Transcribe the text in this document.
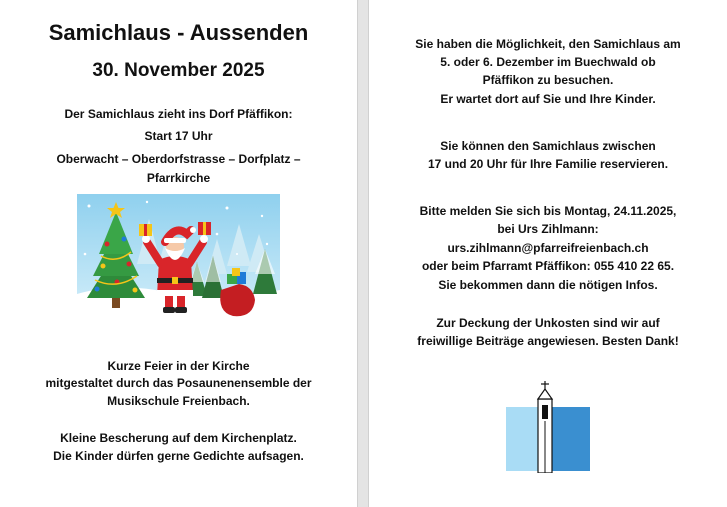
Samichlaus - Aussenden
30. November 2025
Der Samichlaus zieht ins Dorf Pfäffikon:
Start 17 Uhr
Oberwacht – Oberdorfstrasse – Dorfplatz –
Pfarrkirche
Kurze Feier in der Kirche
mitgestaltet durch das Posaunenensemble der
Musikschule Freienbach.
Kleine Bescherung auf dem Kirchenplatz.
Die Kinder dürfen gerne Gedichte aufsagen.
Sie haben die Möglichkeit, den Samichlaus am
5. oder 6. Dezember im Buechwald ob
Pfäffikon zu besuchen.
Er wartet dort auf Sie und Ihre Kinder.
Sie können den Samichlaus zwischen
17 und 20 Uhr für Ihre Familie reservieren.
Bitte melden Sie sich bis Montag, 24.11.2025,
bei Urs Zihlmann:
urs.zihlmann@pfarreifreienbach.ch
oder beim Pfarramt Pfäffikon: 055 410 22 65.
Sie bekommen dann die nötigen Infos.
Zur Deckung der Unkosten sind wir auf
freiwillige Beiträge angewiesen. Besten Dank!
